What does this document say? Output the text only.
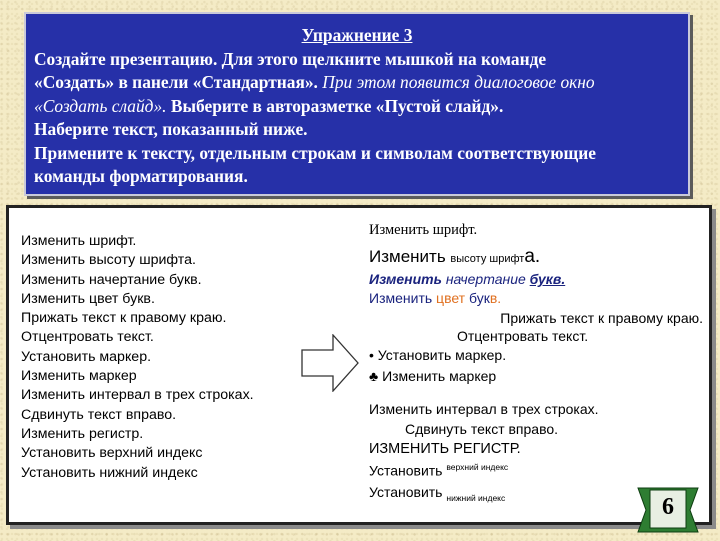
Упражнение 3
Создайте презентацию. Для этого щелкните мышкой на команде
«Создать» в панели «Стандартная». При этом появится диалоговое окно
«Создать слайд». Выберите в авторазметке «Пустой слайд».
Наберите текст, показанный ниже.
Примените к тексту, отдельным строкам и символам соответствующие
команды форматирования.
Изменить шрифт.
Изменить высоту шрифта.
Изменить начертание букв.
Изменить цвет букв.
Прижать текст к правому краю.
Отцентровать текст.
Установить маркер.
Изменить маркер
Изменить интервал в трех строках.
Сдвинуть текст вправо.
Изменить регистр.
Установить верхний индекс
Установить нижний индекс
Изменить шрифт.
Изменить высоту шрифта.
Изменить начертание букв.
Изменить цвет букв.
Прижать текст к правому краю.
Отцентровать текст.
• Установить маркер.
♣ Изменить маркер
Изменить интервал в трех строках.
Сдвинуть текст вправо.
ИЗМЕНИТЬ РЕГИСТР.
Установить $^{верхний индекс}$
Установить $_{нижний индекс}$	6
